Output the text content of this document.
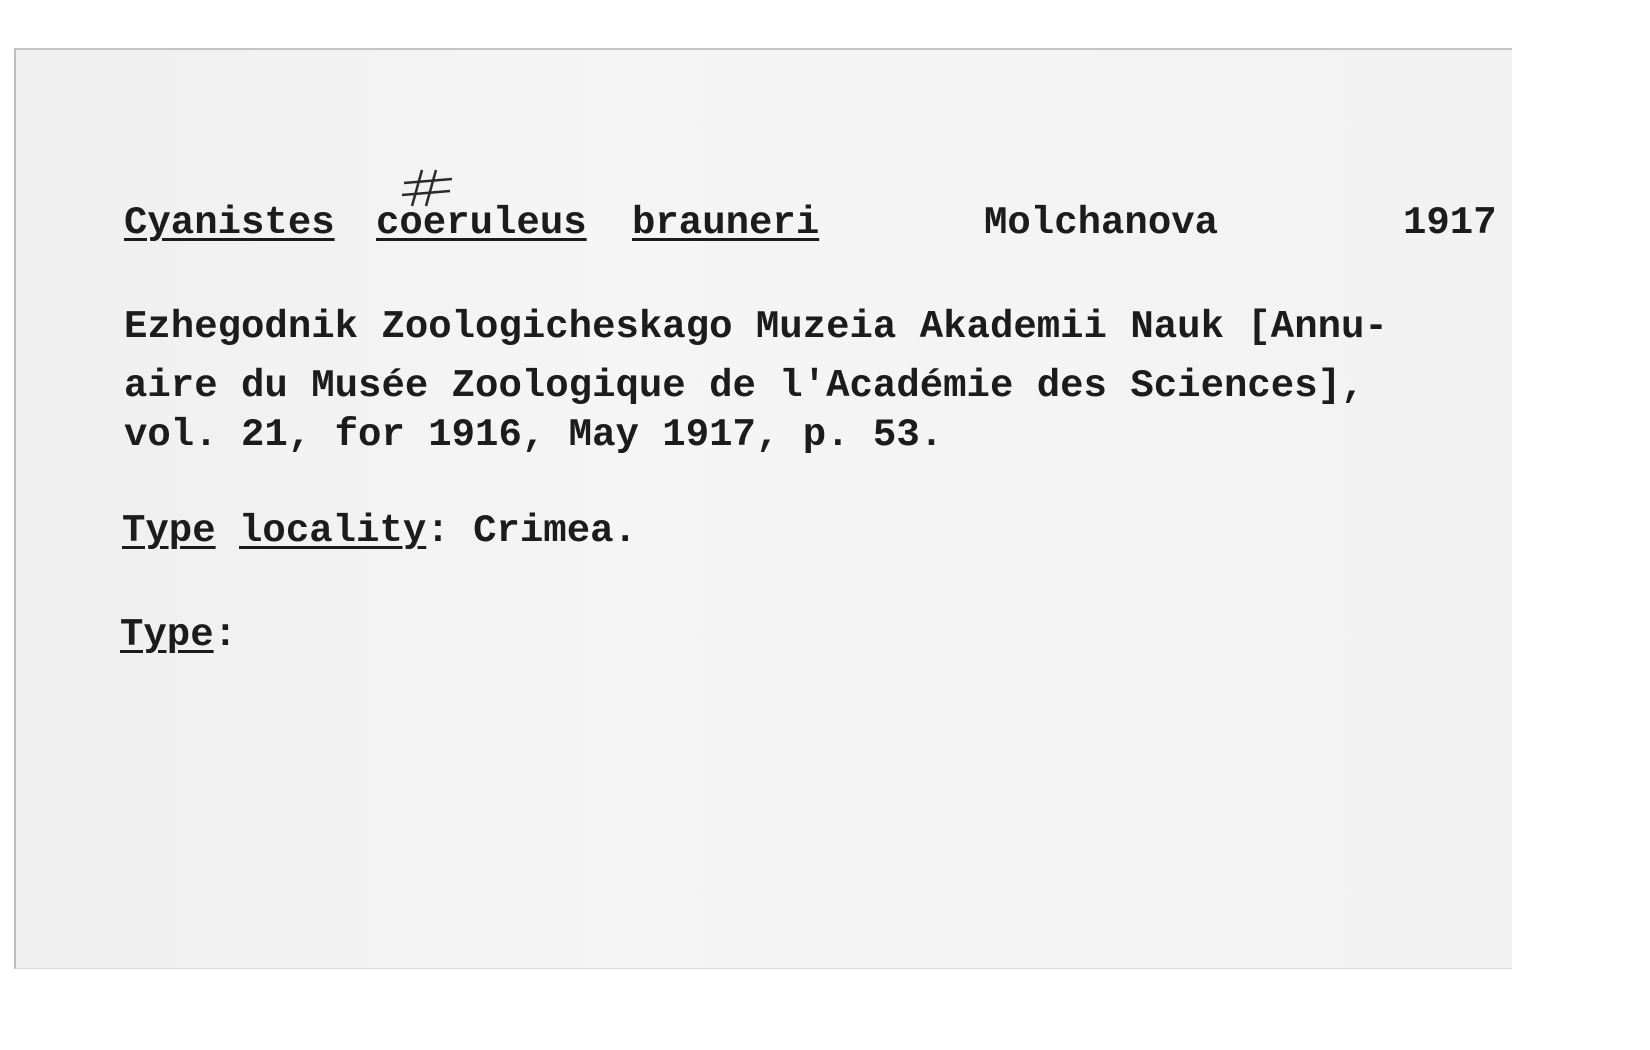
Cyanistes coeruleus brauneri	Molchanova	1917
Ezhegodnik Zoologicheskago Muzeia Akademii Nauk [Annu-
aire du Musée Zoologique de l'Académie des Sciences],
vol. 21, for 1916, May 1917, p. 53.
Type locality: Crimea.
Type:
